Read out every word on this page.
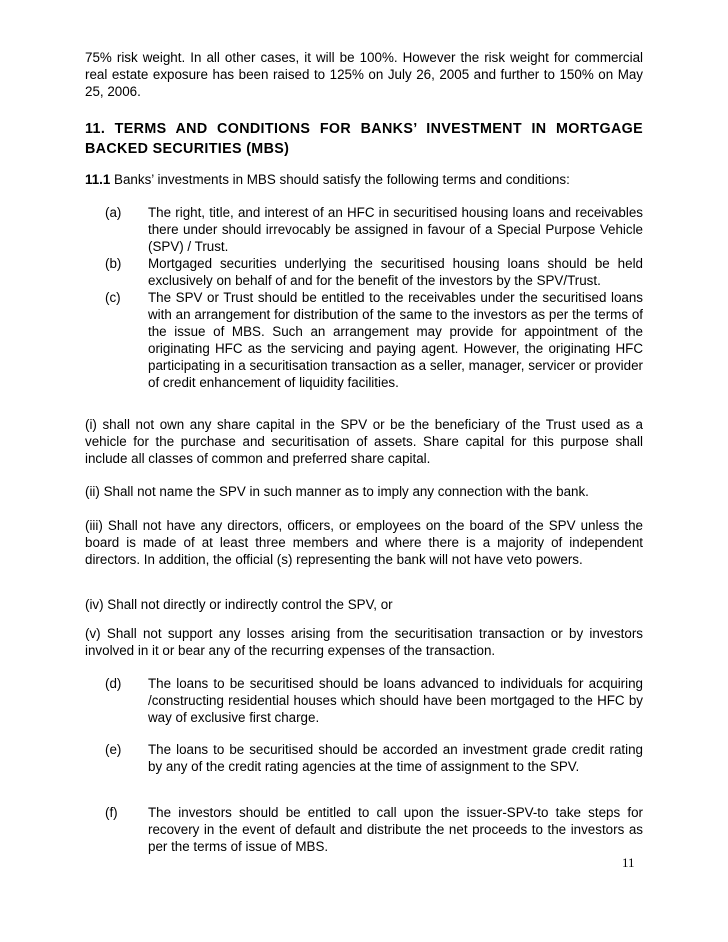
75% risk weight. In all other cases, it will be 100%. However the risk weight for commercial real estate exposure has been raised to 125% on July 26, 2005 and further to 150% on May 25, 2006.

11. TERMS AND CONDITIONS FOR BANKS’ INVESTMENT IN MORTGAGE BACKED SECURITIES (MBS)

11.1 Banks’ investments in MBS should satisfy the following terms and conditions:

(a) The right, title, and interest of an HFC in securitised housing loans and receivables there under should irrevocably be assigned in favour of a Special Purpose Vehicle (SPV) / Trust.

(b) Mortgaged securities underlying the securitised housing loans should be held exclusively on behalf of and for the benefit of the investors by the SPV/Trust.

(c) The SPV or Trust should be entitled to the receivables under the securitised loans with an arrangement for distribution of the same to the investors as per the terms of the issue of MBS. Such an arrangement may provide for appointment of the originating HFC as the servicing and paying agent. However, the originating HFC participating in a securitisation transaction as a seller, manager, servicer or provider of credit enhancement of liquidity facilities.

(i) shall not own any share capital in the SPV or be the beneficiary of the Trust used as a vehicle for the purchase and securitisation of assets. Share capital for this purpose shall include all classes of common and preferred share capital.

(ii) Shall not name the SPV in such manner as to imply any connection with the bank.

(iii) Shall not have any directors, officers, or employees on the board of the SPV unless the board is made of at least three members and where there is a majority of independent directors. In addition, the official (s) representing the bank will not have veto powers.

(iv) Shall not directly or indirectly control the SPV, or

(v) Shall not support any losses arising from the securitisation transaction or by investors involved in it or bear any of the recurring expenses of the transaction.

(d) The loans to be securitised should be loans advanced to individuals for acquiring /constructing residential houses which should have been mortgaged to the HFC by way of exclusive first charge.

(e) The loans to be securitised should be accorded an investment grade credit rating by any of the credit rating agencies at the time of assignment to the SPV.

(f) The investors should be entitled to call upon the issuer-SPV-to take steps for recovery in the event of default and distribute the net proceeds to the investors as per the terms of issue of MBS.

11
